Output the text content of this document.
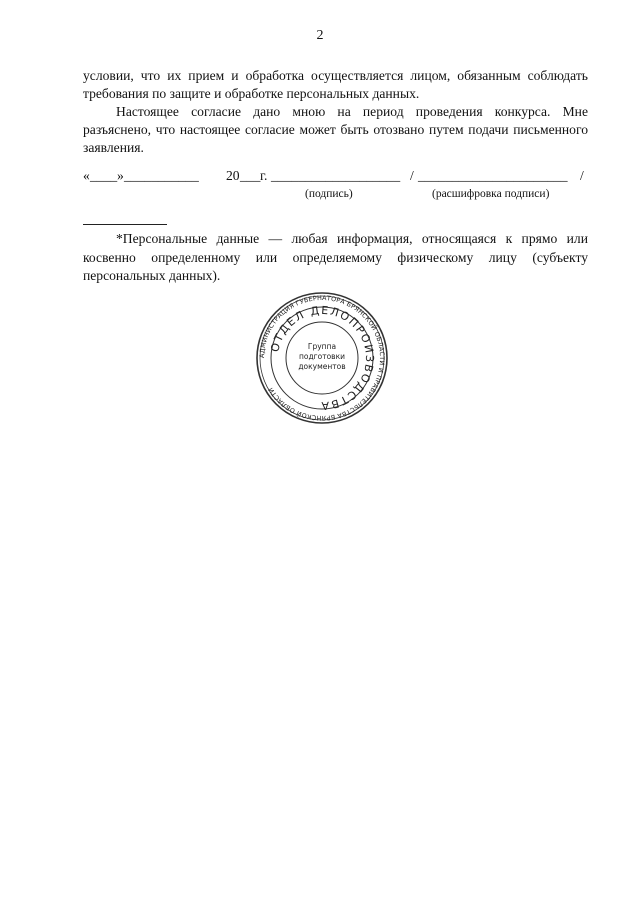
2

условии, что их прием и обработка осуществляется лицом, обязанным соблюдать требования по защите и обработке персональных данных.

Настоящее согласие дано мною на период проведения конкурса. Мне разъяснено, что настоящее согласие может быть отозвано путем подачи письменного заявления.

« ____ » ___________ 20 ___ г. ___________________ / ______________________ /
(подпись)	(расшифровка подписи)

*Персональные данные — любая информация, относящаяся к прямо или косвенно определенному или определяемому физическому лицу (субъекту персональных данных).

АДМИНИСТРАЦИЯ ГУБЕРНАТОРА БРЯНСКОЙ ОБЛАСТИ И ПРАВИТЕЛЬСТВА БРЯНСКОЙ ОБЛАСТИ
ОТДЕЛ ДЕЛОПРОИЗВОДСТВА
Группа
подготовки
документов
